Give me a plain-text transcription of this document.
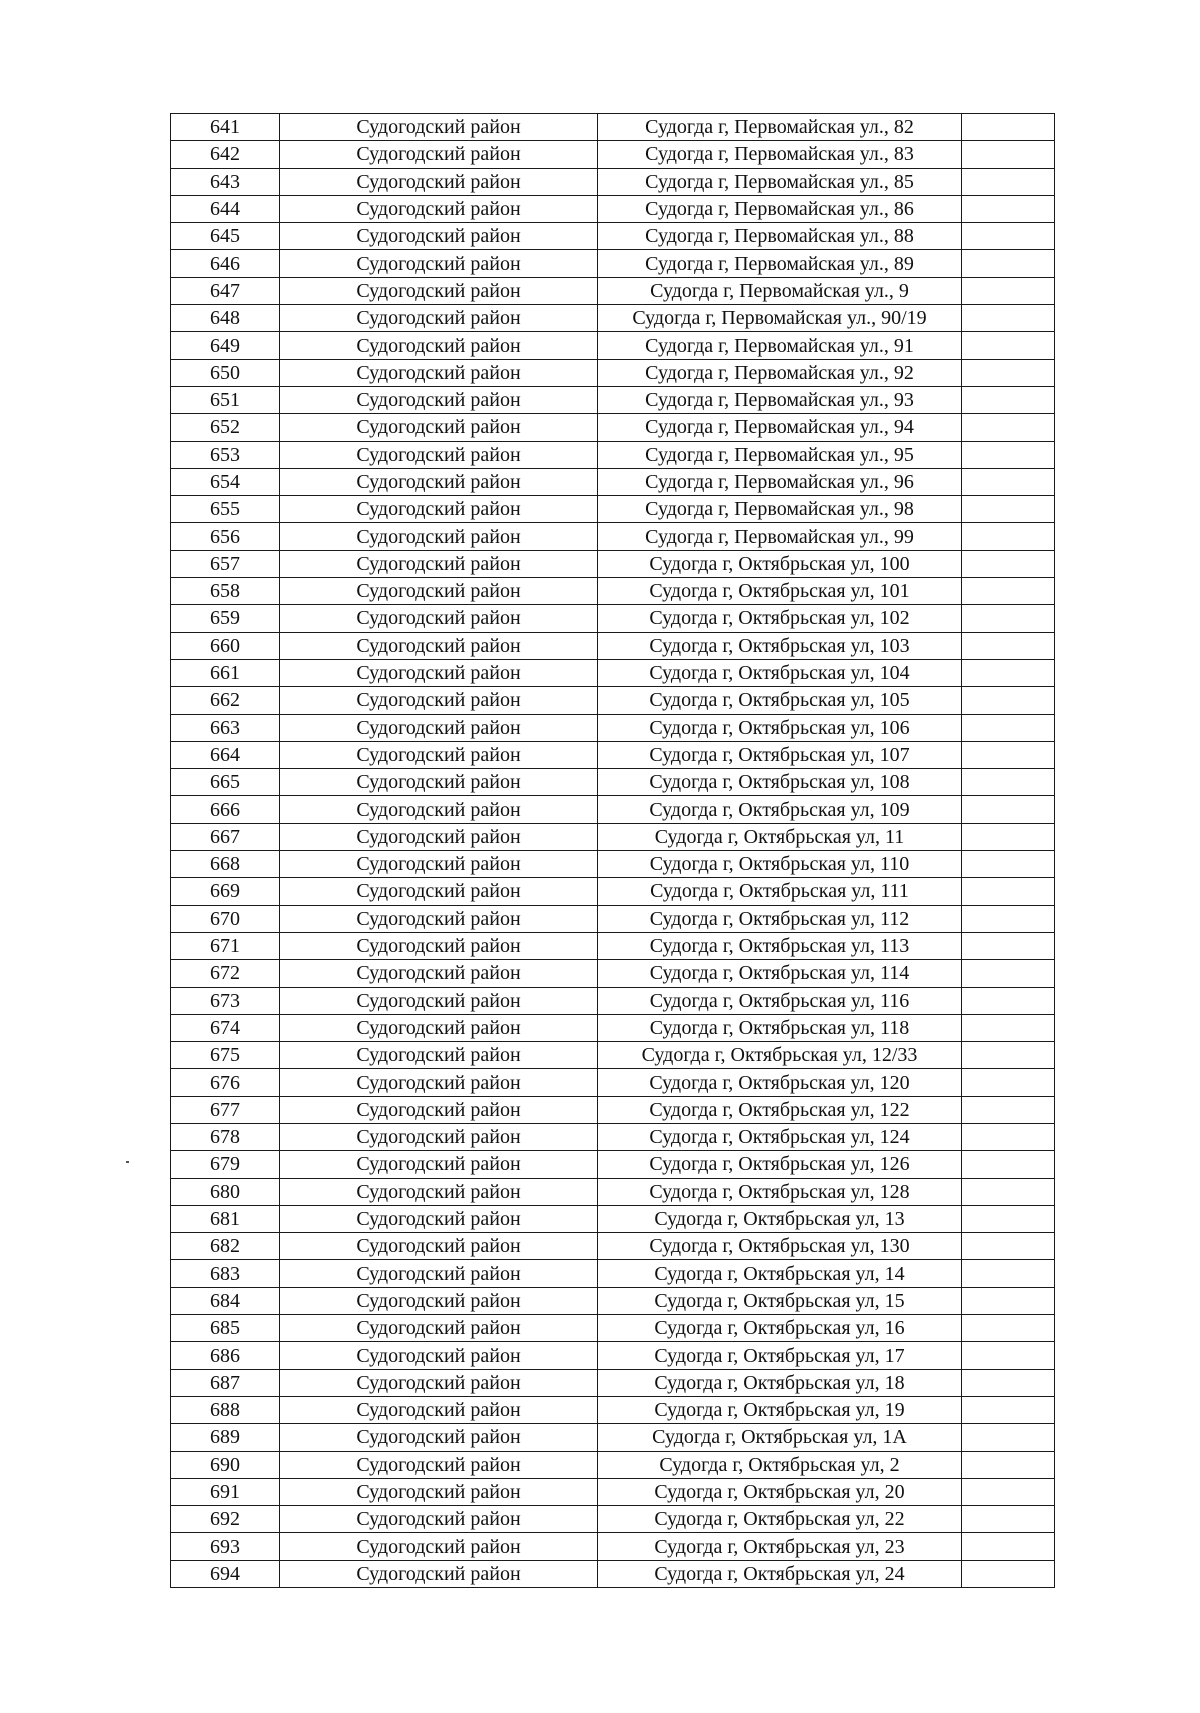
641	Судогодский район	Судогда г, Первомайская ул., 82	
642	Судогодский район	Судогда г, Первомайская ул., 83	
643	Судогодский район	Судогда г, Первомайская ул., 85	
644	Судогодский район	Судогда г, Первомайская ул., 86	
645	Судогодский район	Судогда г, Первомайская ул., 88	
646	Судогодский район	Судогда г, Первомайская ул., 89	
647	Судогодский район	Судогда г, Первомайская ул., 9	
648	Судогодский район	Судогда г, Первомайская ул., 90/19	
649	Судогодский район	Судогда г, Первомайская ул., 91	
650	Судогодский район	Судогда г, Первомайская ул., 92	
651	Судогодский район	Судогда г, Первомайская ул., 93	
652	Судогодский район	Судогда г, Первомайская ул., 94	
653	Судогодский район	Судогда г, Первомайская ул., 95	
654	Судогодский район	Судогда г, Первомайская ул., 96	
655	Судогодский район	Судогда г, Первомайская ул., 98	
656	Судогодский район	Судогда г, Первомайская ул., 99	
657	Судогодский район	Судогда г, Октябрьская ул, 100	
658	Судогодский район	Судогда г, Октябрьская ул, 101	
659	Судогодский район	Судогда г, Октябрьская ул, 102	
660	Судогодский район	Судогда г, Октябрьская ул, 103	
661	Судогодский район	Судогда г, Октябрьская ул, 104	
662	Судогодский район	Судогда г, Октябрьская ул, 105	
663	Судогодский район	Судогда г, Октябрьская ул, 106	
664	Судогодский район	Судогда г, Октябрьская ул, 107	
665	Судогодский район	Судогда г, Октябрьская ул, 108	
666	Судогодский район	Судогда г, Октябрьская ул, 109	
667	Судогодский район	Судогда г, Октябрьская ул, 11	
668	Судогодский район	Судогда г, Октябрьская ул, 110	
669	Судогодский район	Судогда г, Октябрьская ул, 111	
670	Судогодский район	Судогда г, Октябрьская ул, 112	
671	Судогодский район	Судогда г, Октябрьская ул, 113	
672	Судогодский район	Судогда г, Октябрьская ул, 114	
673	Судогодский район	Судогда г, Октябрьская ул, 116	
674	Судогодский район	Судогда г, Октябрьская ул, 118	
675	Судогодский район	Судогда г, Октябрьская ул, 12/33	
676	Судогодский район	Судогда г, Октябрьская ул, 120	
677	Судогодский район	Судогда г, Октябрьская ул, 122	
678	Судогодский район	Судогда г, Октябрьская ул, 124	
679	Судогодский район	Судогда г, Октябрьская ул, 126	
680	Судогодский район	Судогда г, Октябрьская ул, 128	
681	Судогодский район	Судогда г, Октябрьская ул, 13	
682	Судогодский район	Судогда г, Октябрьская ул, 130	
683	Судогодский район	Судогда г, Октябрьская ул, 14	
684	Судогодский район	Судогда г, Октябрьская ул, 15	
685	Судогодский район	Судогда г, Октябрьская ул, 16	
686	Судогодский район	Судогда г, Октябрьская ул, 17	
687	Судогодский район	Судогда г, Октябрьская ул, 18	
688	Судогодский район	Судогда г, Октябрьская ул, 19	
689	Судогодский район	Судогда г, Октябрьская ул, 1А	
690	Судогодский район	Судогда г, Октябрьская ул, 2	
691	Судогодский район	Судогда г, Октябрьская ул, 20	
692	Судогодский район	Судогда г, Октябрьская ул, 22	
693	Судогодский район	Судогда г, Октябрьская ул, 23	
694	Судогодский район	Судогда г, Октябрьская ул, 24	
